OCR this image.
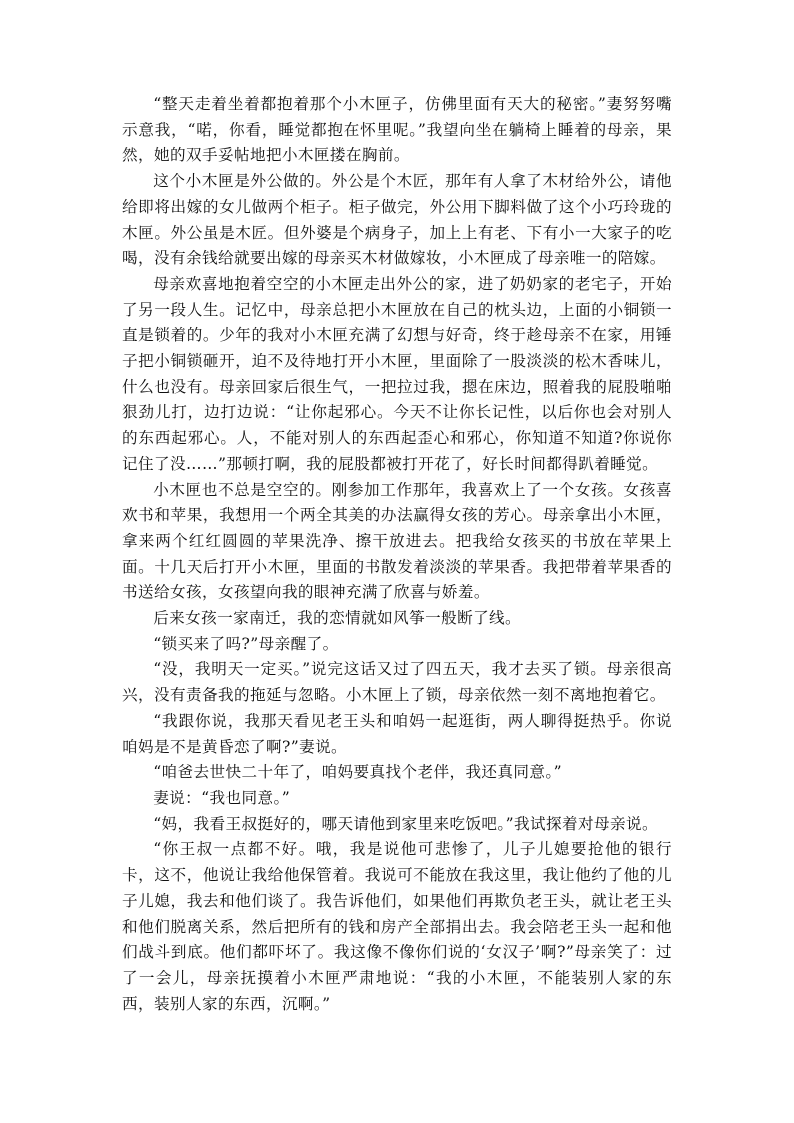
“整天走着坐着都抱着那个小木匣子，仿佛里面有天大的秘密。”妻努努嘴示意我，“喏，你看，睡觉都抱在怀里呢。”我望向坐在躺椅上睡着的母亲，果然，她的双手妥帖地把小木匣搂在胸前。

这个小木匣是外公做的。外公是个木匠，那年有人拿了木材给外公，请他给即将出嫁的女儿做两个柜子。柜子做完，外公用下脚料做了这个小巧玲珑的木匣。外公虽是木匠。但外婆是个病身子，加上上有老、下有小一大家子的吃喝，没有余钱给就要出嫁的母亲买木材做嫁妆，小木匣成了母亲唯一的陪嫁。

母亲欢喜地抱着空空的小木匣走出外公的家，进了奶奶家的老宅子，开始了另一段人生。记忆中，母亲总把小木匣放在自己的枕头边，上面的小铜锁一直是锁着的。少年的我对小木匣充满了幻想与好奇，终于趁母亲不在家，用锤子把小铜锁砸开，迫不及待地打开小木匣，里面除了一股淡淡的松木香味儿，什么也没有。母亲回家后很生气，一把拉过我，摁在床边，照着我的屁股啪啪狠劲儿打，边打边说：“让你起邪心。今天不让你长记性，以后你也会对别人的东西起邪心。人，不能对别人的东西起歪心和邪心，你知道不知道?你说你记住了没……”那顿打啊，我的屁股都被打开花了，好长时间都得趴着睡觉。

小木匣也不总是空空的。刚参加工作那年，我喜欢上了一个女孩。女孩喜欢书和苹果，我想用一个两全其美的办法赢得女孩的芳心。母亲拿出小木匣，拿来两个红红圆圆的苹果洗净、擦干放进去。把我给女孩买的书放在苹果上面。十几天后打开小木匣，里面的书散发着淡淡的苹果香。我把带着苹果香的书送给女孩，女孩望向我的眼神充满了欣喜与娇羞。

后来女孩一家南迁，我的恋情就如风筝一般断了线。

“锁买来了吗?”母亲醒了。

“没，我明天一定买。”说完这话又过了四五天，我才去买了锁。母亲很高兴，没有责备我的拖延与忽略。小木匣上了锁，母亲依然一刻不离地抱着它。

“我跟你说，我那天看见老王头和咱妈一起逛街，两人聊得挺热乎。你说咱妈是不是黄昏恋了啊?”妻说。

“咱爸去世快二十年了，咱妈要真找个老伴，我还真同意。”

妻说：“我也同意。”

“妈，我看王叔挺好的，哪天请他到家里来吃饭吧。”我试探着对母亲说。

“你王叔一点都不好。哦，我是说他可悲惨了，儿子儿媳要抢他的银行卡，这不，他说让我给他保管着。我说可不能放在我这里，我让他约了他的儿子儿媳，我去和他们谈了。我告诉他们，如果他们再欺负老王头，就让老王头和他们脱离关系，然后把所有的钱和房产全部捐出去。我会陪老王头一起和他们战斗到底。他们都吓坏了。我这像不像你们说的‘女汉子’啊?”母亲笑了：过了一会儿，母亲抚摸着小木匣严肃地说：“我的小木匣，不能装别人家的东西，装别人家的东西，沉啊。”
